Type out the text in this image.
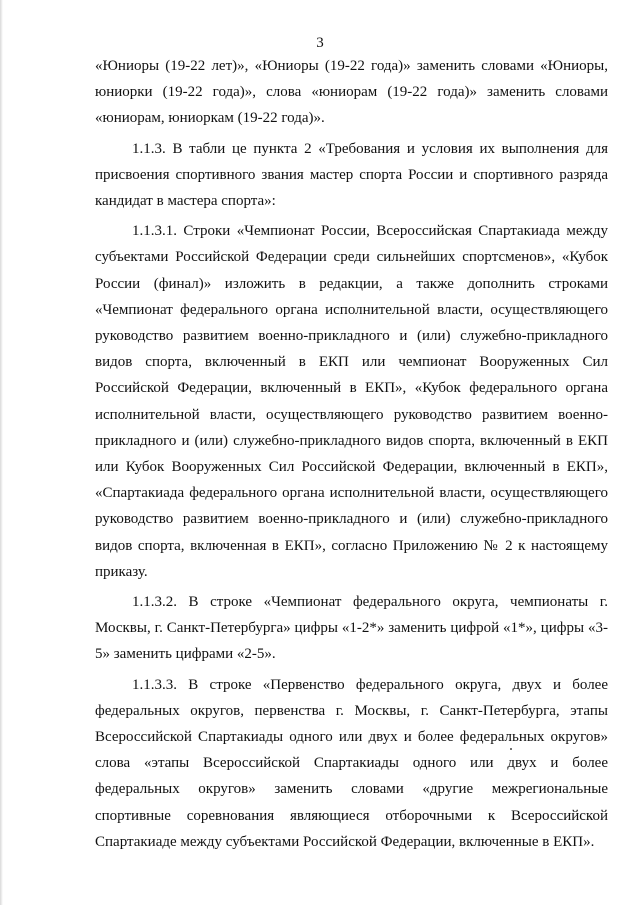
3

«Юниоры (19-22 лет)», «Юниоры (19-22 года)» заменить словами «Юниоры, юниорки (19-22 года)», слова «юниорам (19-22 года)» заменить словами «юниорам, юниоркам (19-22 года)».

1.1.3. В табли це пункта 2 «Требования и условия их выполнения для присвоения спортивного звания мастер спорта России и спортивного разряда кандидат в мастера спорта»:

1.1.3.1. Строки «Чемпионат России, Всероссийская Спартакиада между субъектами Российской Федерации среди сильнейших спортсменов», «Кубок России (финал)» изложить в редакции, а также дополнить строками «Чемпионат федерального органа исполнительной власти, осуществляющего руководство развитием военно-прикладного и (или) служебно-прикладного видов спорта, включенный в ЕКП или чемпионат Вооруженных Сил Российской Федерации, включенный в ЕКП», «Кубок федерального органа исполнительной власти, осуществляющего руководство развитием военно-прикладного и (или) служебно-прикладного видов спорта, включенный в ЕКП или Кубок Вооруженных Сил Российской Федерации, включенный в ЕКП», «Спартакиада федерального органа исполнительной власти, осуществляющего руководство развитием военно-прикладного и (или) служебно-прикладного видов спорта, включенная в ЕКП», согласно Приложению № 2 к настоящему приказу.

1.1.3.2. В строке «Чемпионат федерального округа, чемпионаты г. Москвы, г. Санкт-Петербурга» цифры «1-2*» заменить цифрой «1*», цифры «3-5» заменить цифрами «2-5».

1.1.3.3. В строке «Первенство федерального округа, двух и более федеральных округов, первенства г. Москвы, г. Санкт-Петербурга, этапы Всероссийской Спартакиады одного или двух и более федеральных округов» слова «этапы Всероссийской Спартакиады одного или двух и более федеральных округов» заменить словами «другие межрегиональные спортивные соревнования являющиеся отборочными к Всероссийской Спартакиаде между субъектами Российской Федерации, включенные в ЕКП».
